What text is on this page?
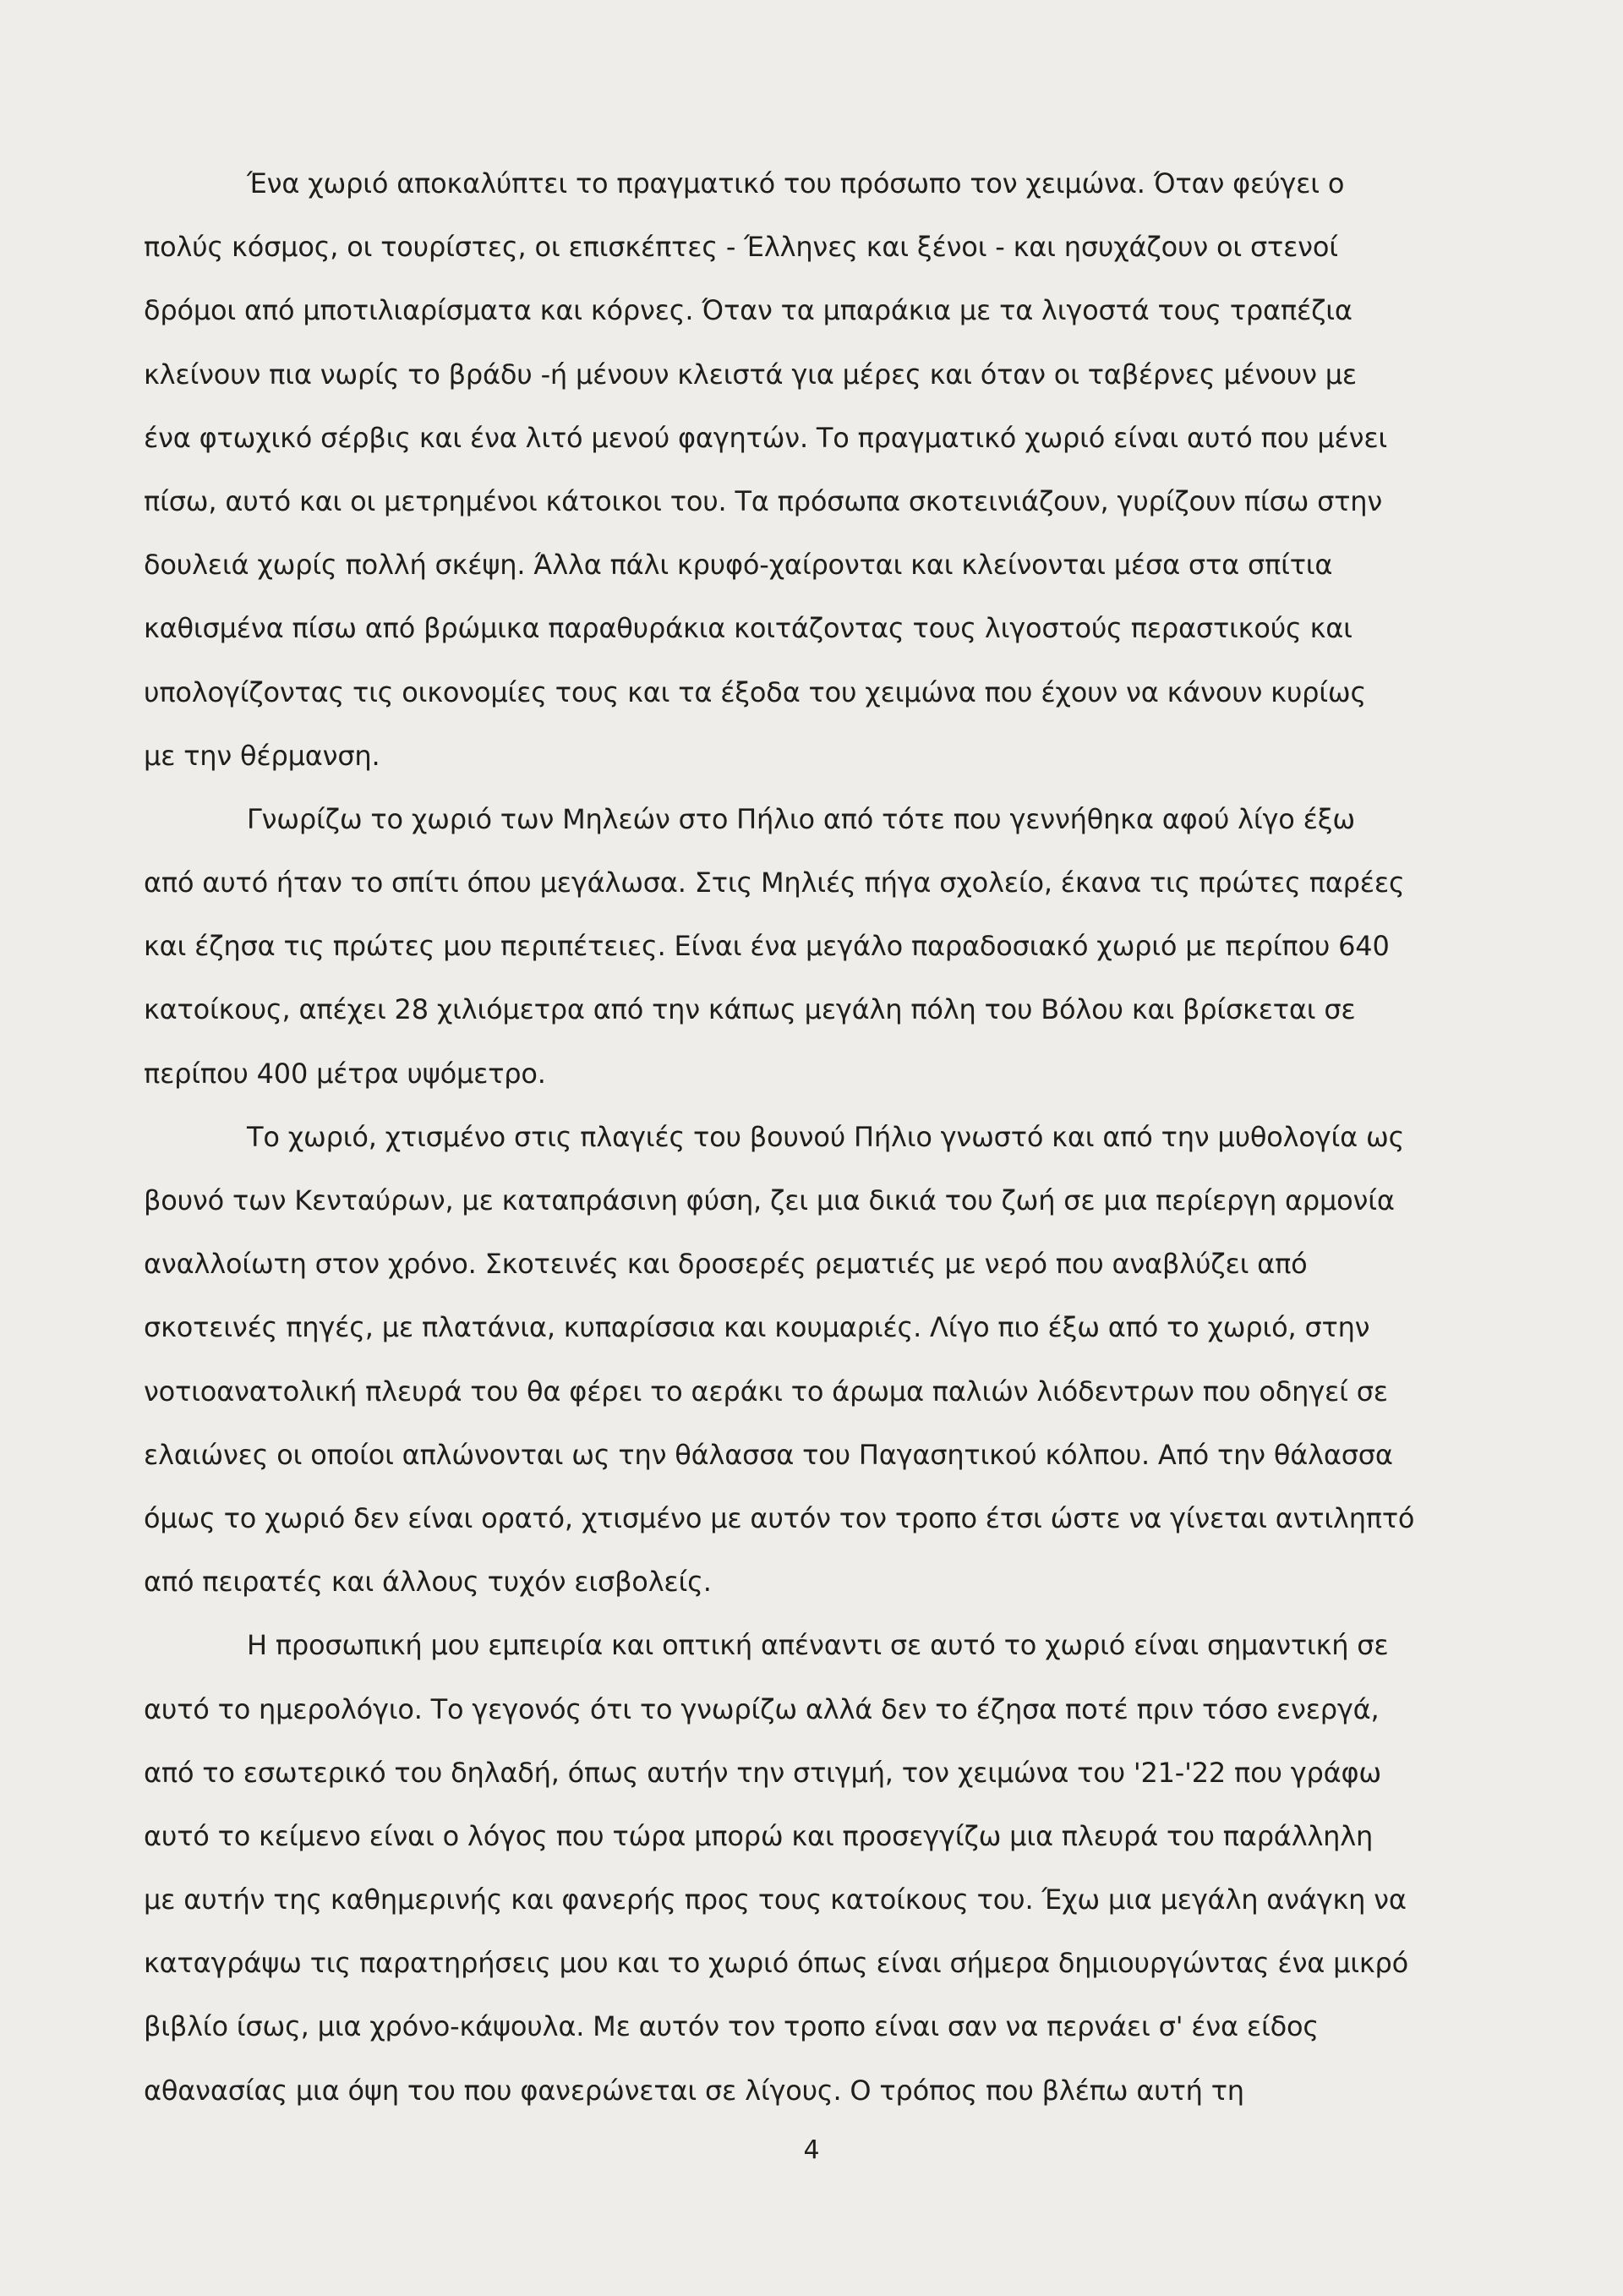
Ένα χωριό αποκαλύπτει το πραγματικό του πρόσωπο τον χειμώνα. Όταν φεύγει ο
πολύς κόσμος, οι τουρίστες, οι επισκέπτες - Έλληνες και ξένοι - και ησυχάζουν οι στενοί
δρόμοι από μποτιλιαρίσματα και κόρνες. Όταν τα μπαράκια με τα λιγοστά τους τραπέζια
κλείνουν πια νωρίς το βράδυ -ή μένουν κλειστά για μέρες και όταν οι ταβέρνες μένουν με
ένα φτωχικό σέρβις και ένα λιτό μενού φαγητών. Το πραγματικό χωριό είναι αυτό που μένει
πίσω, αυτό και οι μετρημένοι κάτοικοι του. Τα πρόσωπα σκοτεινιάζουν, γυρίζουν πίσω στην
δουλειά χωρίς πολλή σκέψη. Άλλα πάλι κρυφό-χαίρονται και κλείνονται μέσα στα σπίτια
καθισμένα πίσω από βρώμικα παραθυράκια κοιτάζοντας τους λιγοστούς περαστικούς και
υπολογίζοντας τις οικονομίες τους και τα έξοδα του χειμώνα που έχουν να κάνουν κυρίως
με την θέρμανση.
Γνωρίζω το χωριό των Μηλεών στο Πήλιο από τότε που γεννήθηκα αφού λίγο έξω
από αυτό ήταν το σπίτι όπου μεγάλωσα. Στις Μηλιές πήγα σχολείο, έκανα τις πρώτες παρέες
και έζησα τις πρώτες μου περιπέτειες. Είναι ένα μεγάλο παραδοσιακό χωριό με περίπου 640
κατοίκους, απέχει 28 χιλιόμετρα από την κάπως μεγάλη πόλη του Βόλου και βρίσκεται σε
περίπου 400 μέτρα υψόμετρο.
Το χωριό, χτισμένο στις πλαγιές του βουνού Πήλιο γνωστό και από την μυθολογία ως
βουνό των Κενταύρων, με καταπράσινη φύση, ζει μια δικιά του ζωή σε μια περίεργη αρμονία
αναλλοίωτη στον χρόνο. Σκοτεινές και δροσερές ρεματιές με νερό που αναβλύζει από
σκοτεινές πηγές, με πλατάνια, κυπαρίσσια και κουμαριές. Λίγο πιο έξω από το χωριό, στην
νοτιοανατολική πλευρά του θα φέρει το αεράκι το άρωμα παλιών λιόδεντρων που οδηγεί σε
ελαιώνες οι οποίοι απλώνονται ως την θάλασσα του Παγασητικού κόλπου. Από την θάλασσα
όμως το χωριό δεν είναι ορατό, χτισμένο με αυτόν τον τροπο έτσι ώστε να γίνεται αντιληπτό
από πειρατές και άλλους τυχόν εισβολείς.
Η προσωπική μου εμπειρία και οπτική απέναντι σε αυτό το χωριό είναι σημαντική σε
αυτό το ημερολόγιο. Το γεγονός ότι το γνωρίζω αλλά δεν το έζησα ποτέ πριν τόσο ενεργά,
από το εσωτερικό του δηλαδή, όπως αυτήν την στιγμή, τον χειμώνα του '21-'22 που γράφω
αυτό το κείμενο είναι ο λόγος που τώρα μπορώ και προσεγγίζω μια πλευρά του παράλληλη
με αυτήν της καθημερινής και φανερής προς τους κατοίκους του. Έχω μια μεγάλη ανάγκη να
καταγράψω τις παρατηρήσεις μου και το χωριό όπως είναι σήμερα δημιουργώντας ένα μικρό
βιβλίο ίσως, μια χρόνο-κάψουλα. Με αυτόν τον τροπο είναι σαν να περνάει σ' ένα είδος
αθανασίας μια όψη του που φανερώνεται σε λίγους. Ο τρόπος που βλέπω αυτή τη
4
